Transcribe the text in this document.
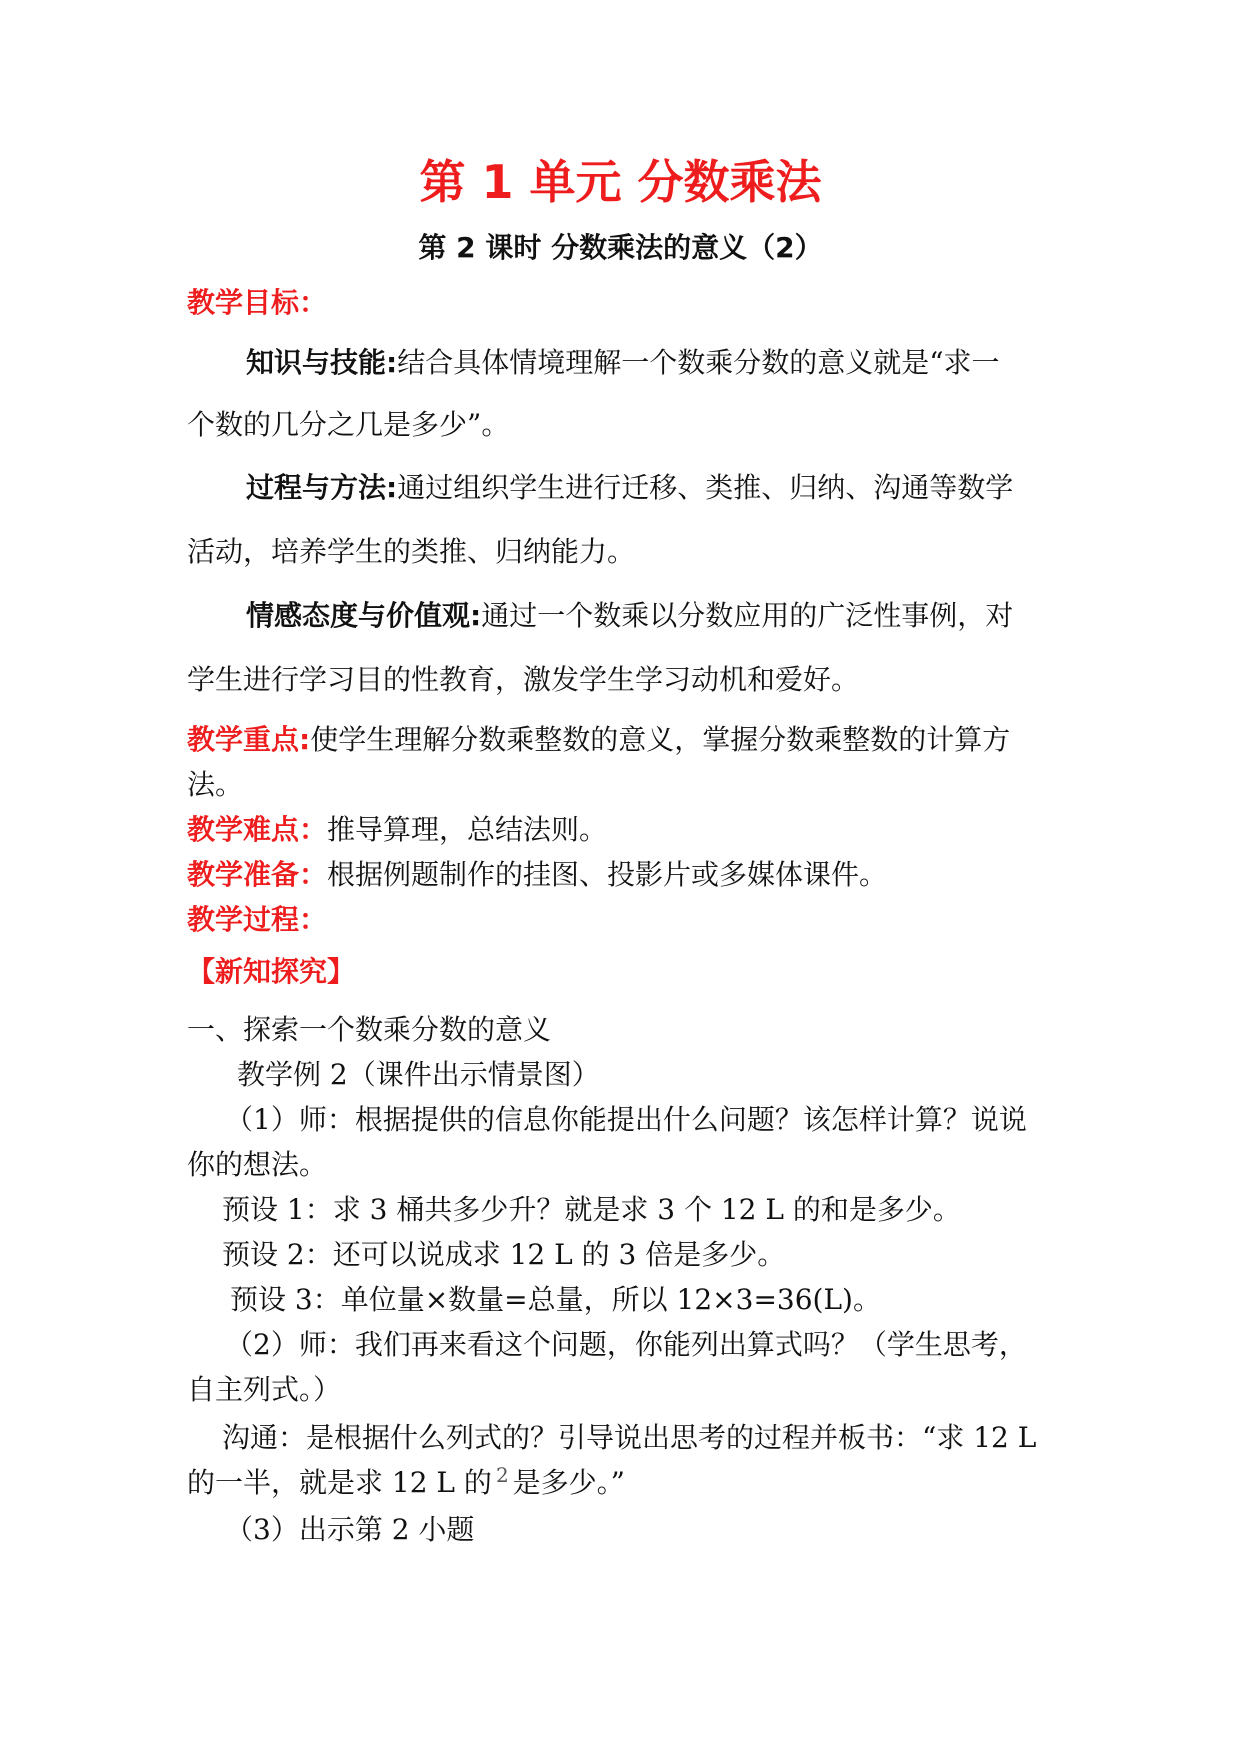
第 1 单元 分数乘法
第 2 课时 分数乘法的意义（2）
教学目标：
知识与技能:结合具体情境理解一个数乘分数的意义就是“求一
个数的几分之几是多少”。
过程与方法:通过组织学生进行迁移、类推、归纳、沟通等数学
活动，培养学生的类推、归纳能力。
情感态度与价值观:通过一个数乘以分数应用的广泛性事例，对
学生进行学习目的性教育，激发学生学习动机和爱好。
教学重点:使学生理解分数乘整数的意义，掌握分数乘整数的计算方
法。
教学难点：推导算理，总结法则。
教学准备：根据例题制作的挂图、投影片或多媒体课件。
教学过程：
【新知探究】
一、探索一个数乘分数的意义
教学例 2（课件出示情景图）
（1）师：根据提供的信息你能提出什么问题？该怎样计算？说说
你的想法。
预设 1：求 3 桶共多少升？就是求 3 个 12 L 的和是多少。
预设 2：还可以说成求 12 L 的 3 倍是多少。
预设 3：单位量×数量=总量，所以 12×3=36(L)。
（2）师：我们再来看这个问题，你能列出算式吗？（学生思考，
自主列式。）
沟通：是根据什么列式的？引导说出思考的过程并板书：“求 12 L
的一半，就是求 12 L 的 2 是多少。”
（3）出示第 2 小题
